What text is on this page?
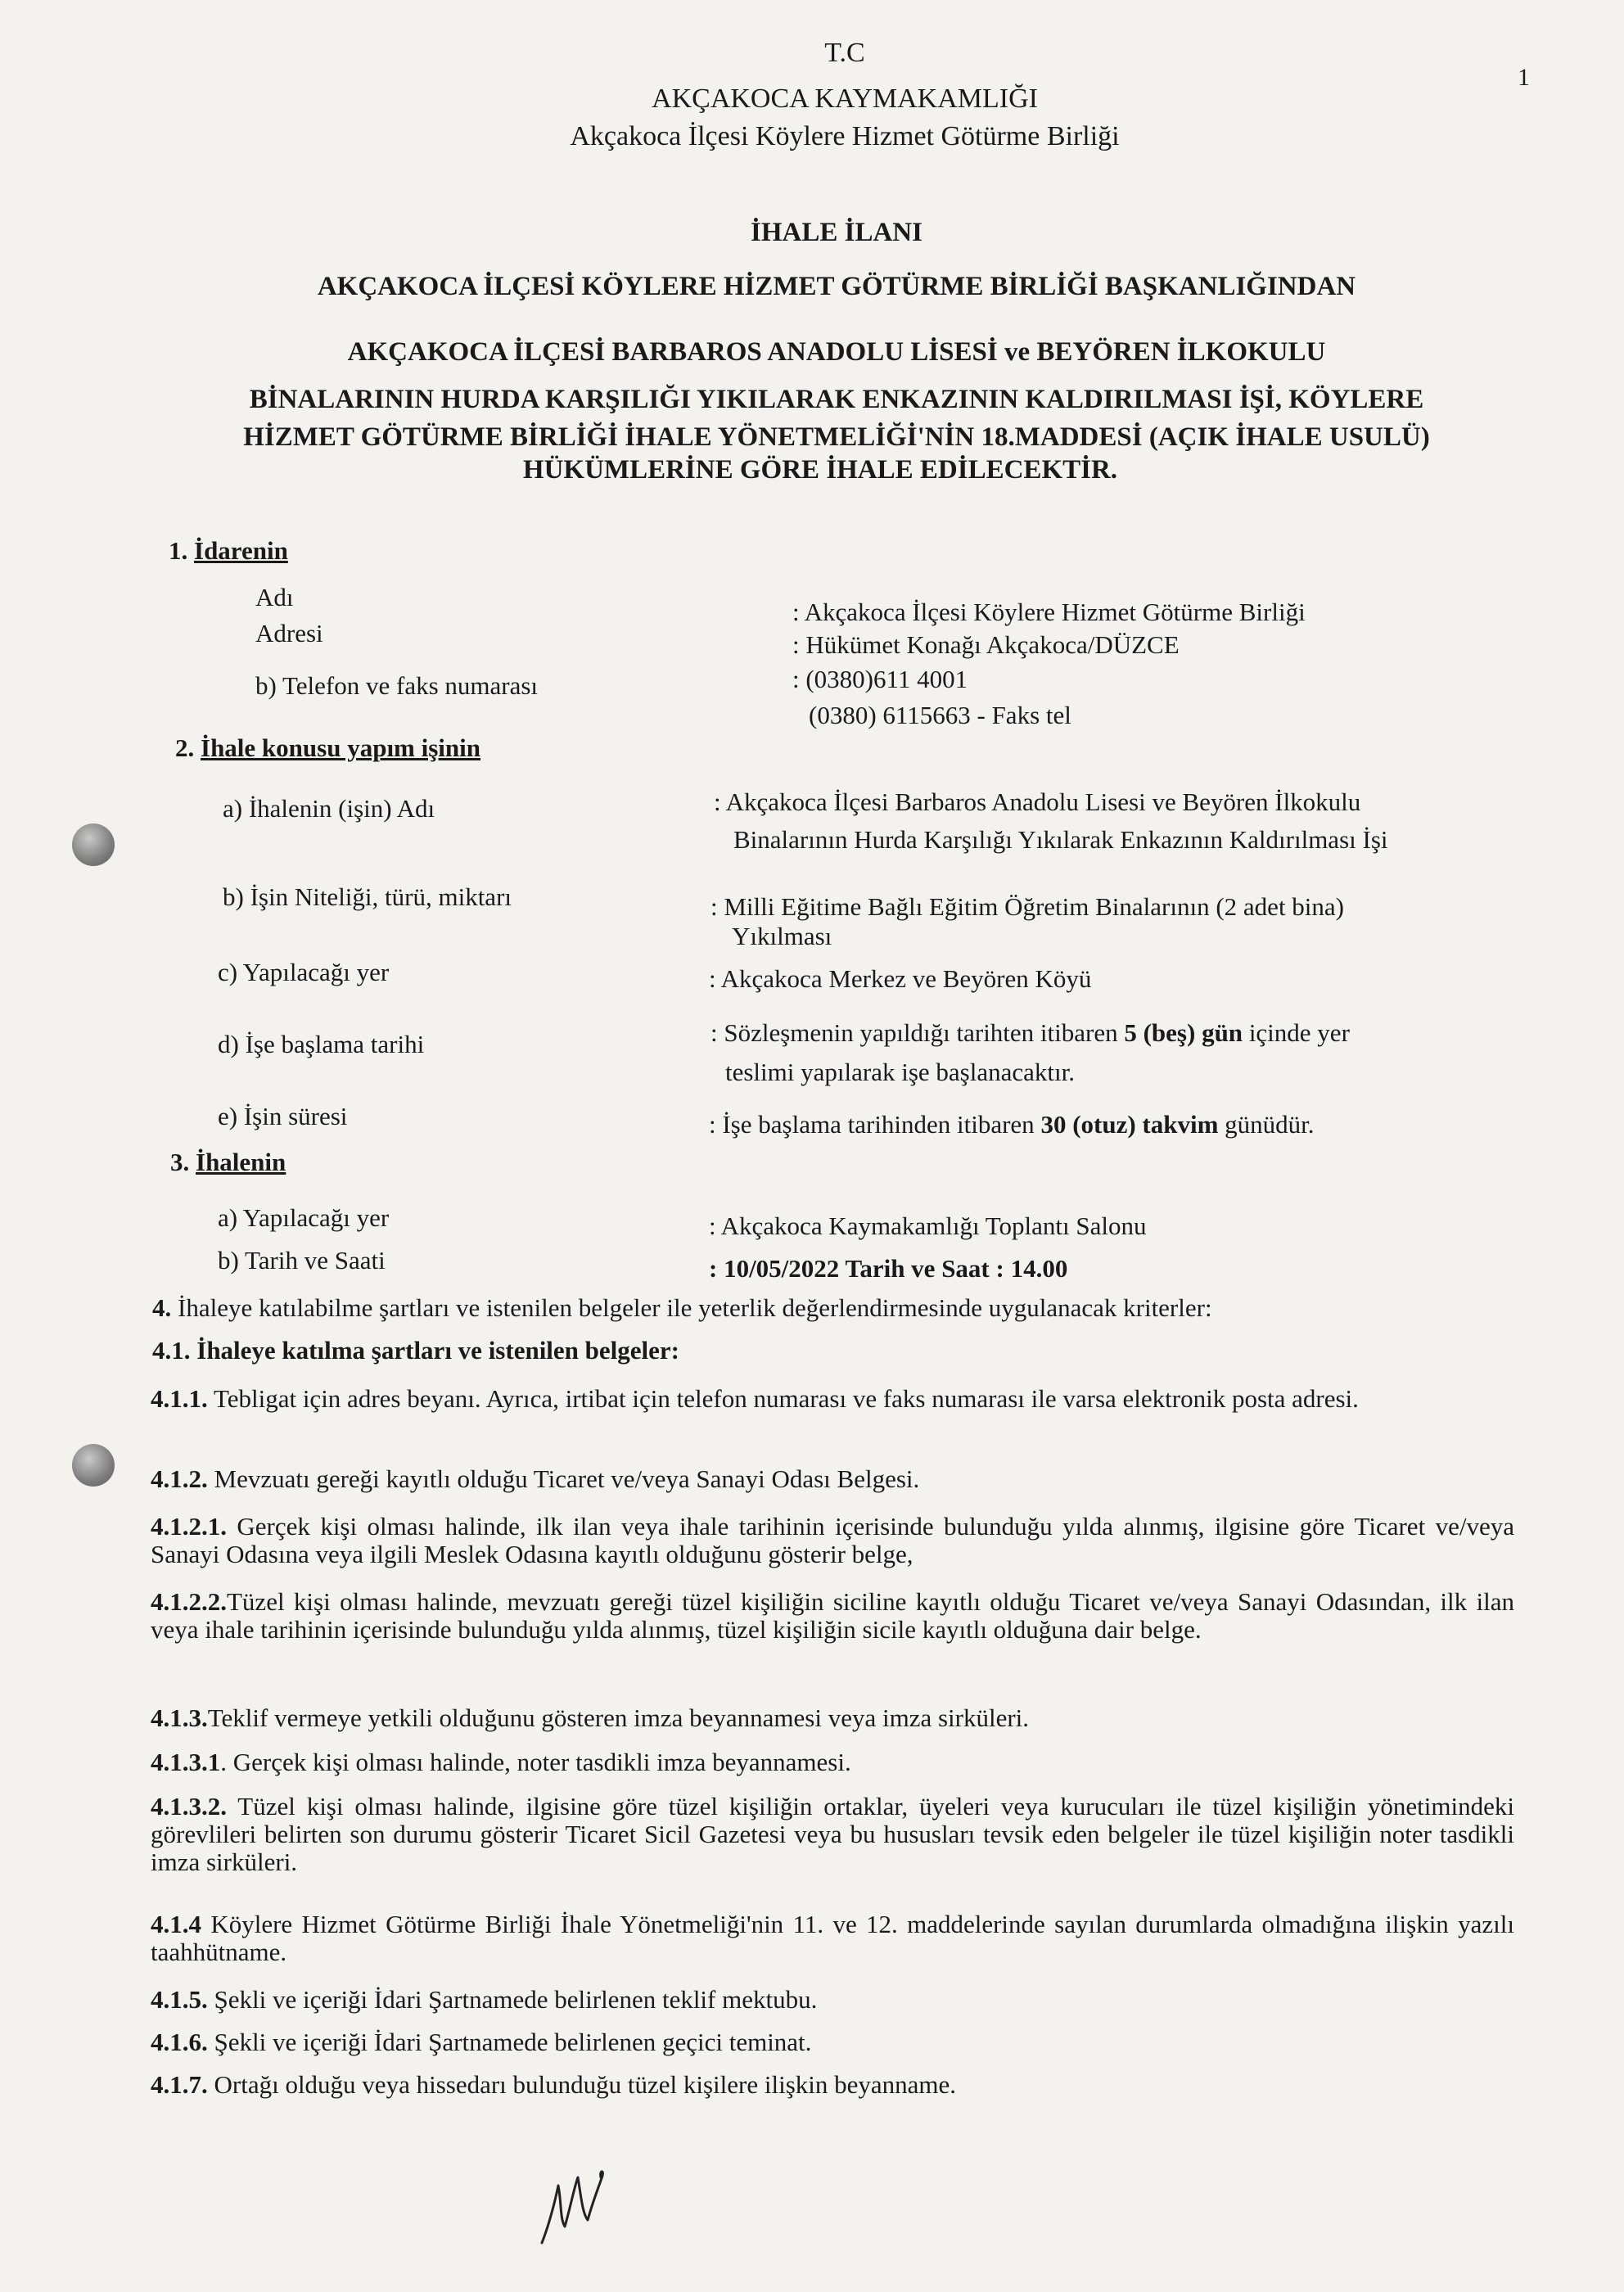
1
T.C
AKÇAKOCA KAYMAKAMLIĞI
Akçakoca İlçesi Köylere Hizmet Götürme Birliği
İHALE İLANI
AKÇAKOCA İLÇESİ KÖYLERE HİZMET GÖTÜRME BİRLİĞİ BAŞKANLIĞINDAN
AKÇAKOCA İLÇESİ BARBAROS ANADOLU LİSESİ ve BEYÖREN İLKOKULU
BİNALARININ HURDA KARŞILIĞI YIKILARAK ENKAZININ KALDIRILMASI İŞİ, KÖYLERE
HİZMET GÖTÜRME BİRLİĞİ İHALE YÖNETMELİĞİ'NİN 18.MADDESİ (AÇIK İHALE USULÜ)
HÜKÜMLERİNE GÖRE İHALE EDİLECEKTİR.
1. İdarenin
Adı
: Akçakoca İlçesi Köylere Hizmet Götürme Birliği
Adresi	: Hükümet Konağı Akçakoca/DÜZCE
b) Telefon ve faks numarası	: (0380)611 4001
(0380) 6115663 - Faks tel
2. İhale konusu yapım işinin
a) İhalenin (işin) Adı	: Akçakoca İlçesi Barbaros Anadolu Lisesi ve Beyören İlkokulu
Binalarının Hurda Karşılığı Yıkılarak Enkazının Kaldırılması İşi
b) İşin Niteliği, türü, miktarı	: Milli Eğitime Bağlı Eğitim Öğretim Binalarının (2 adet bina)
Yıkılması
c) Yapılacağı yer	: Akçakoca Merkez ve Beyören Köyü
d) İşe başlama tarihi	: Sözleşmenin yapıldığı tarihten itibaren 5 (beş) gün içinde yer
teslimi yapılarak işe başlanacaktır.
e) İşin süresi	: İşe başlama tarihinden itibaren 30 (otuz) takvim günüdür.
3. İhalenin
a) Yapılacağı yer	: Akçakoca Kaymakamlığı Toplantı Salonu
b) Tarih ve Saati	: 10/05/2022 Tarih ve Saat : 14.00
4. İhaleye katılabilme şartları ve istenilen belgeler ile yeterlik değerlendirmesinde uygulanacak kriterler:
4.1. İhaleye katılma şartları ve istenilen belgeler:
4.1.1. Tebligat için adres beyanı. Ayrıca, irtibat için telefon numarası ve faks numarası ile varsa elektronik posta adresi.
4.1.2. Mevzuatı gereği kayıtlı olduğu Ticaret ve/veya Sanayi Odası Belgesi.
4.1.2.1. Gerçek kişi olması halinde, ilk ilan veya ihale tarihinin içerisinde bulunduğu yılda alınmış, ilgisine göre Ticaret ve/veya Sanayi Odasına veya ilgili Meslek Odasına kayıtlı olduğunu gösterir belge,
4.1.2.2.Tüzel kişi olması halinde, mevzuatı gereği tüzel kişiliğin siciline kayıtlı olduğu Ticaret ve/veya Sanayi Odasından, ilk ilan veya ihale tarihinin içerisinde bulunduğu yılda alınmış, tüzel kişiliğin sicile kayıtlı olduğuna dair belge.
4.1.3.Teklif vermeye yetkili olduğunu gösteren imza beyannamesi veya imza sirküleri.
4.1.3.1. Gerçek kişi olması halinde, noter tasdikli imza beyannamesi.
4.1.3.2. Tüzel kişi olması halinde, ilgisine göre tüzel kişiliğin ortaklar, üyeleri veya kurucuları ile tüzel kişiliğin yönetimindeki görevlileri belirten son durumu gösterir Ticaret Sicil Gazetesi veya bu hususları tevsik eden belgeler ile tüzel kişiliğin noter tasdikli imza sirküleri.
4.1.4 Köylere Hizmet Götürme Birliği İhale Yönetmeliği'nin 11. ve 12. maddelerinde sayılan durumlarda olmadığına ilişkin yazılı taahhütname.
4.1.5. Şekli ve içeriği İdari Şartnamede belirlenen teklif mektubu.
4.1.6. Şekli ve içeriği İdari Şartnamede belirlenen geçici teminat.
4.1.7. Ortağı olduğu veya hissedarı bulunduğu tüzel kişilere ilişkin beyanname.
